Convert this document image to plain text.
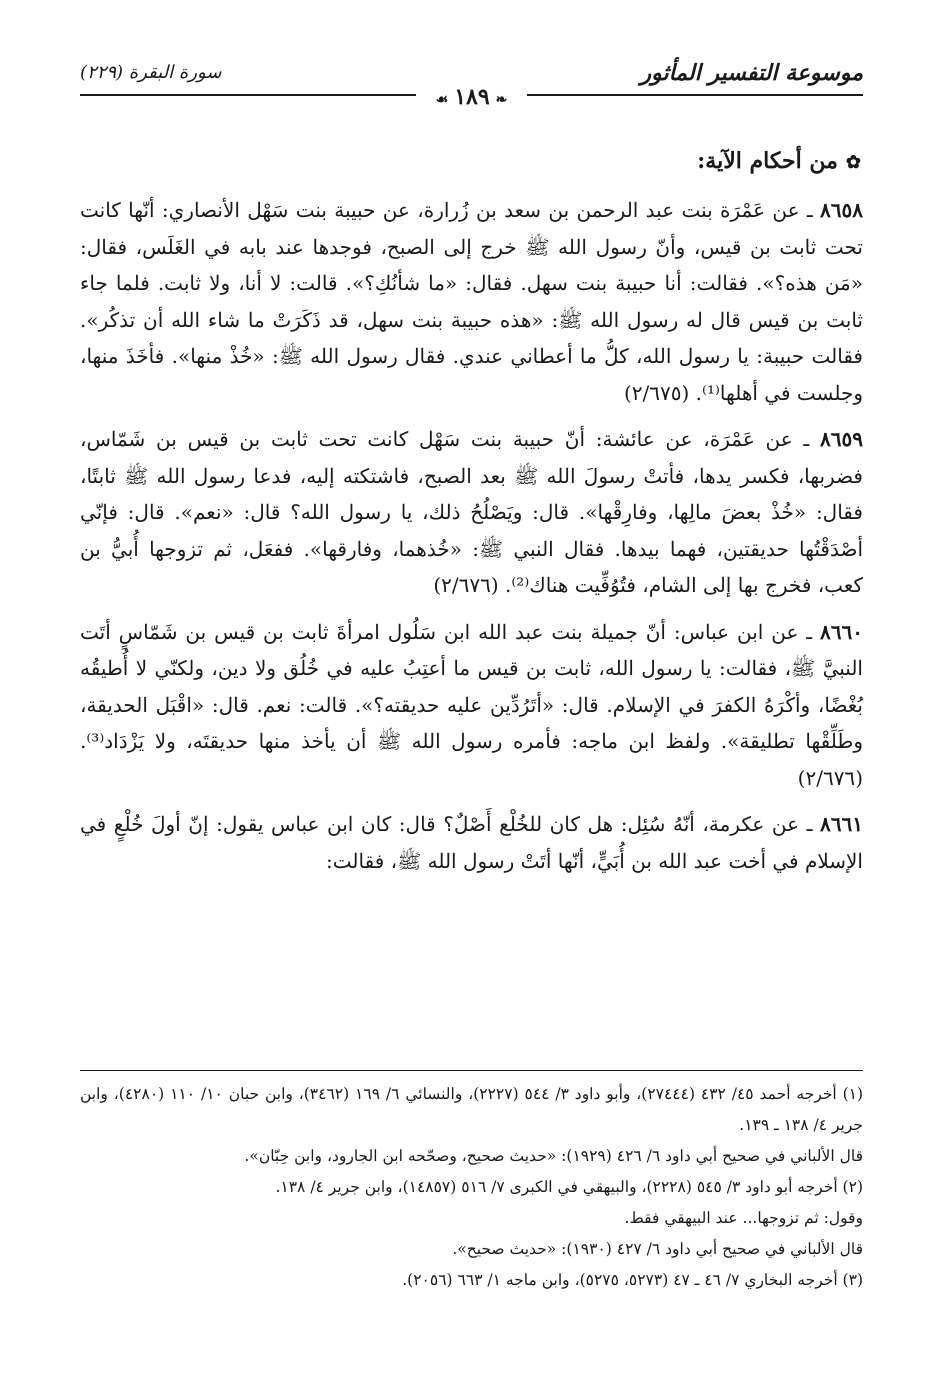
موسوعة التفسير المأثور
سورة البقرة (٢٢٩)
❧١٨٩☙
✿من أحكام الآية:

٨٦٥٨ ـ عن عَمْرَة بنت عبد الرحمن بن سعد بن زُرارة، عن حبيبة بنت سَهْل الأنصاري: أنّها كانت تحت ثابت بن قيس، وأنّ رسول الله ﷺ خرج إلى الصبح، فوجدها عند بابه في الغَلَس، فقال: «مَن هذه؟». فقالت: أنا حبيبة بنت سهل. فقال: «ما شأنُكِ؟». قالت: لا أنا، ولا ثابت. فلما جاء ثابت بن قيس قال له رسول الله ﷺ: «هذه حبيبة بنت سهل، قد ذَكَرَتْ ما شاء الله أن تذكُر». فقالت حبيبة: يا رسول الله، كلُّ ما أعطاني عندي. فقال رسول الله ﷺ: «خُذْ منها». فأخَذَ منها، وجلست في أهلها⁽¹⁾. (٢/٦٧٥)

٨٦٥٩ ـ عن عَمْرَة، عن عائشة: أنّ حبيبة بنت سَهْل كانت تحت ثابت بن قيس بن شَمّاس، فضربها، فكسر يدها، فأتتْ رسولَ الله ﷺ بعد الصبح، فاشتكته إليه، فدعا رسول الله ﷺ ثابتًا، فقال: «خُذْ بعضَ مالِها، وفارِقْها». قال: ويَصْلُحُ ذلك، يا رسول الله؟ قال: «نعم». قال: فإنّي أصْدَقْتُها حديقتين، فهما بيدها. فقال النبي ﷺ: «خُذهما، وفارقها». ففعَل، ثم تزوجها أُبيُّ بن كعب، فخرج بها إلى الشام، فتُوُفِّيت هناك⁽²⁾. (٢/٦٧٦)

٨٦٦٠ ـ عن ابن عباس: أنّ جميلة بنت عبد الله ابن سَلُول امرأةَ ثابت بن قيس بن شَمّاسٍ أتَت النبيَّ ﷺ، فقالت: يا رسول الله، ثابت بن قيس ما أعتِبُ عليه في خُلُق ولا دين، ولكنّي لا أُطيقُه بُغْضًا، وأكْرَهُ الكفرَ في الإسلام. قال: «أتَرُدِّين عليه حديقته؟». قالت: نعم. قال: «اقْبَل الحديقة، وطَلِّقْها تطليقة». ولفظ ابن ماجه: فأمره رسول الله ﷺ أن يأخذ منها حديقتَه، ولا يَزْدَاد⁽³⁾. (٢/٦٧٦)

٨٦٦١ ـ عن عكرمة، أنّهُ سُئِل: هل كان للخُلْع أَصْلٌ؟ قال: كان ابن عباس يقول: إنّ أولَ خُلْعٍ في الإسلام في أخت عبد الله بن أُبَيٍّ، أنّها أتَتْ رسول الله ﷺ، فقالت:

(١) أخرجه أحمد ٤٥/ ٤٣٢ (٢٧٤٤٤)، وأبو داود ٣/ ٥٤٤ (٢٢٢٧)، والنسائي ٦/ ١٦٩ (٣٤٦٢)، وابن حبان ١٠/ ١١٠ (٤٢٨٠)، وابن جرير ٤/ ١٣٨ ـ ١٣٩.

قال الألباني في صحيح أبي داود ٦/ ٤٢٦ (١٩٢٩): «حديث صحيح، وصحّحه ابن الجارود، وابن حِبّان».

(٢) أخرجه أبو داود ٣/ ٥٤٥ (٢٢٢٨)، والبيهقي في الكبرى ٧/ ٥١٦ (١٤٨٥٧)، وابن جرير ٤/ ١٣٨.

وقول: ثم تزوجها... عند البيهقي فقط.

قال الألباني في صحيح أبي داود ٦/ ٤٢٧ (١٩٣٠): «حديث صحيح».

(٣) أخرجه البخاري ٧/ ٤٦ ـ ٤٧ (٥٢٧٣، ٥٢٧٥)، وابن ماجه ١/ ٦٦٣ (٢٠٥٦).
